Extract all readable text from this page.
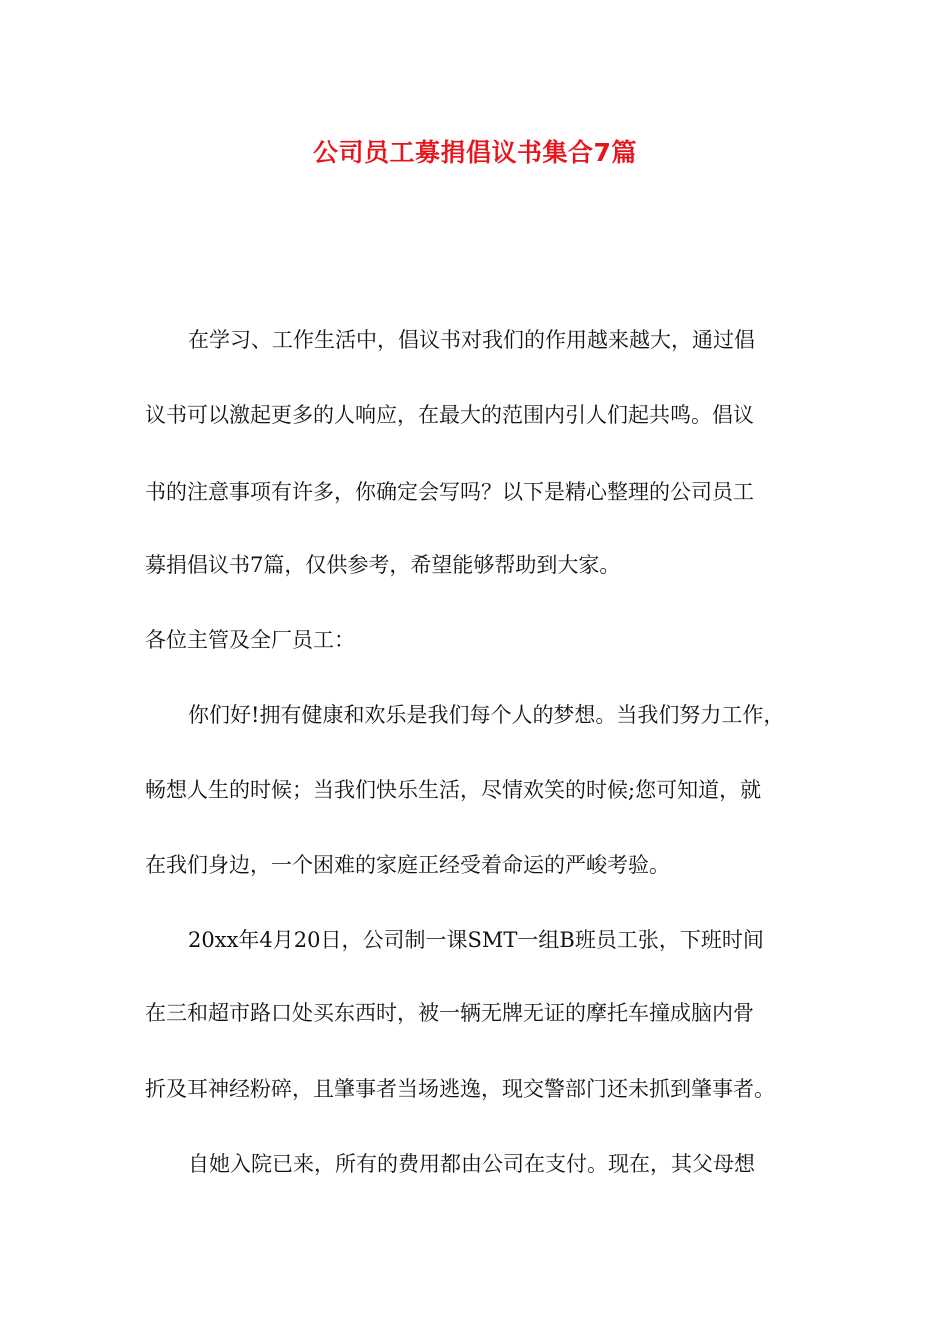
公司员工募捐倡议书集合7篇
在学习、工作生活中，倡议书对我们的作用越来越大，通过倡
议书可以激起更多的人响应，在最大的范围内引人们起共鸣。倡议
书的注意事项有许多，你确定会写吗？以下是精心整理的公司员工
募捐倡议书7篇，仅供参考，希望能够帮助到大家。
各位主管及全厂员工：
你们好!拥有健康和欢乐是我们每个人的梦想。当我们努力工作，
畅想人生的时候；当我们快乐生活，尽情欢笑的时候;您可知道，就
在我们身边，一个困难的家庭正经受着命运的严峻考验。
20xx年4月20日，公司制一课SMT一组B班员工张，下班时间
在三和超市路口处买东西时，被一辆无牌无证的摩托车撞成脑内骨
折及耳神经粉碎，且肇事者当场逃逸，现交警部门还未抓到肇事者。
自她入院已来，所有的费用都由公司在支付。现在，其父母想
